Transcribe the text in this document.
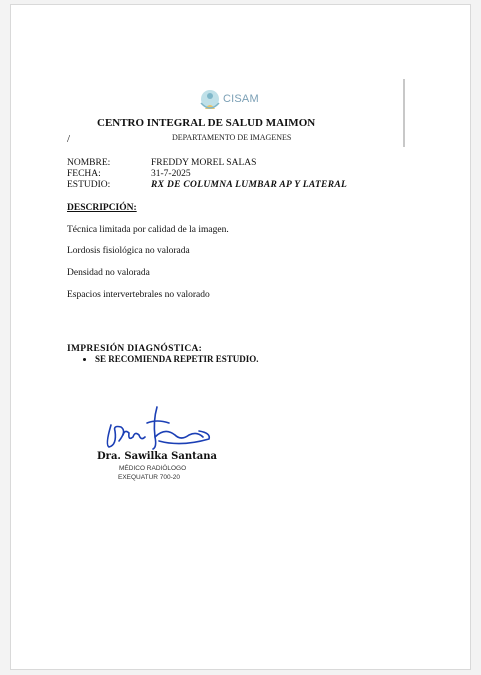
CISAM
CENTRO INTEGRAL DE SALUD MAIMON
/	DEPARTAMENTO DE IMAGENES
NOMBRE:	FREDDY MOREL SALAS
FECHA:	31-7-2025
ESTUDIO:	RX DE COLUMNA LUMBAR AP Y LATERAL
DESCRIPCIÓN:
Técnica limitada por calidad de la imagen.
Lordosis fisiológica no valorada
Densidad no valorada
Espacios intervertebrales no valorado
IMPRESIÓN DIAGNÓSTICA:
• SE RECOMIENDA REPETIR ESTUDIO.
Dra. Sawilka Santana
MÉDICO RADIÓLOGO
EXEQUATUR 700-20
